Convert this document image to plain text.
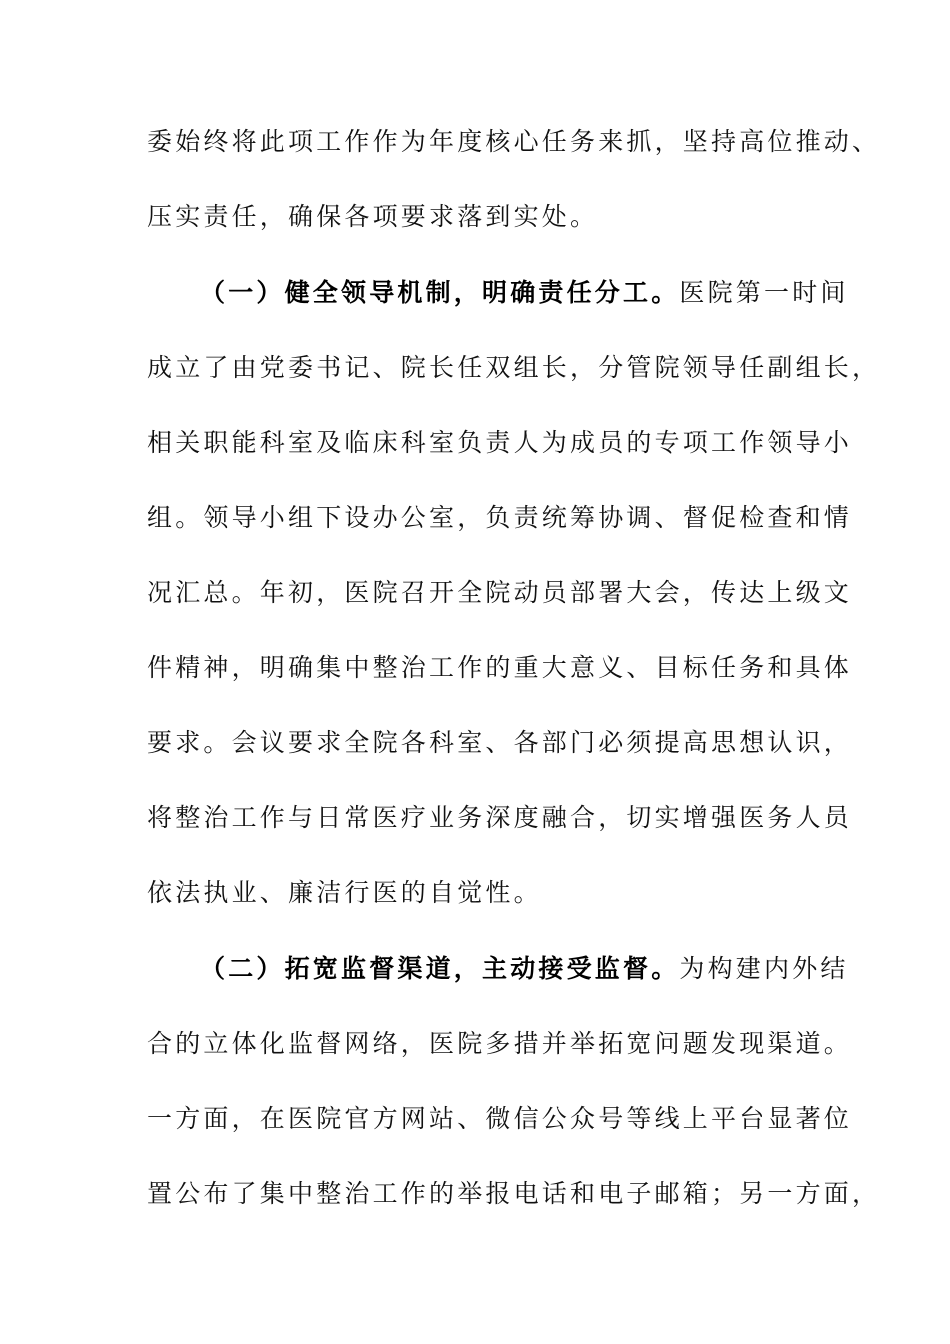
委始终将此项工作作为年度核心任务来抓，坚持高位推动、

压实责任，确保各项要求落到实处。

（一）健全领导机制，明确责任分工。医院第一时间

成立了由党委书记、院长任双组长，分管院领导任副组长，

相关职能科室及临床科室负责人为成员的专项工作领导小

组。领导小组下设办公室，负责统筹协调、督促检查和情

况汇总。年初，医院召开全院动员部署大会，传达上级文

件精神，明确集中整治工作的重大意义、目标任务和具体

要求。会议要求全院各科室、各部门必须提高思想认识，

将整治工作与日常医疗业务深度融合，切实增强医务人员

依法执业、廉洁行医的自觉性。

（二）拓宽监督渠道，主动接受监督。为构建内外结

合的立体化监督网络，医院多措并举拓宽问题发现渠道。

一方面，在医院官方网站、微信公众号等线上平台显著位

置公布了集中整治工作的举报电话和电子邮箱；另一方面，
